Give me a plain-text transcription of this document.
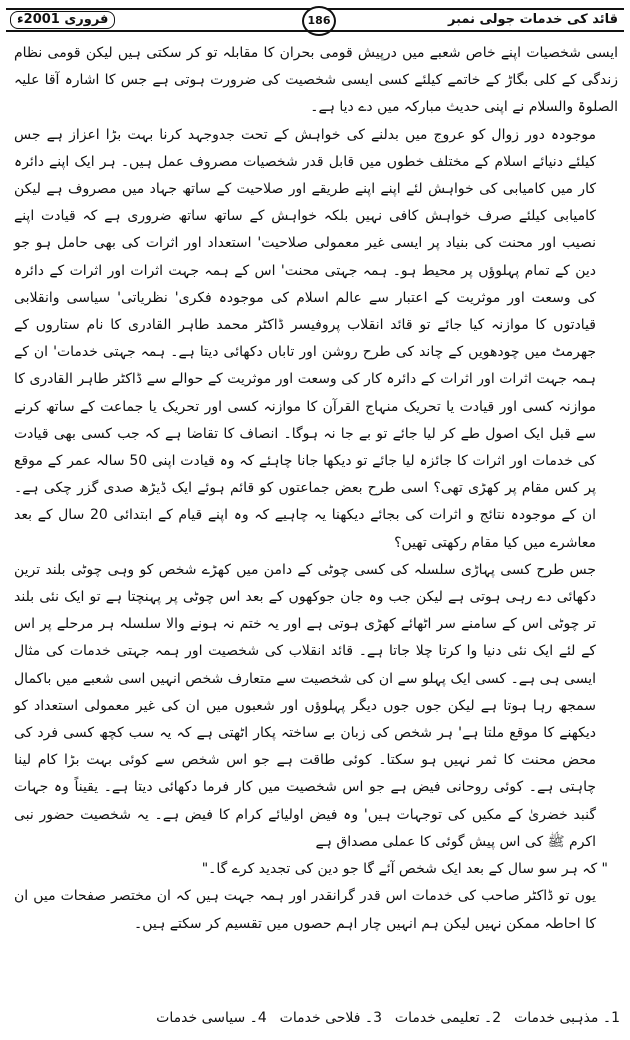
قائد کی خدمات جولی نمبر
186
فروری 2001ء

ایسی شخصیات اپنے خاص شعبے میں درپیش قومی بحران کا مقابلہ تو کر سکتی ہیں لیکن قومی نظام زندگی کے کلی بگاڑ کے خاتمے کیلئے کسی ایسی شخصیت کی ضرورت ہوتی ہے جس کا اشارہ آقا علیہ الصلوۃ والسلام نے اپنی حدیث مبارکہ میں دے دیا ہے۔

موجودہ دور زوال کو عروج میں بدلنے کی خواہش کے تحت جدوجہد کرنا بہت بڑا اعزاز ہے جس کیلئے دنیائے اسلام کے مختلف خطوں میں قابل قدر شخصیات مصروف عمل ہیں۔ ہر ایک اپنے دائرہ کار میں کامیابی کی خواہش لئے اپنے اپنے طریقے اور صلاحیت کے ساتھ جہاد میں مصروف ہے لیکن کامیابی کیلئے صرف خواہش کافی نہیں بلکہ خواہش کے ساتھ ساتھ ضروری ہے کہ قیادت اپنے نصیب اور محنت کی بنیاد پر ایسی غیر معمولی صلاحیت' استعداد اور اثرات کی بھی حامل ہو جو دین کے تمام پہلوؤں پر محیط ہو۔ ہمہ جہتی محنت' اس کے ہمہ جہت اثرات اور اثرات کے دائرہ کی وسعت اور موثریت کے اعتبار سے عالم اسلام کی موجودہ فکری' نظریاتی' سیاسی وانقلابی قیادتوں کا موازنہ کیا جائے تو قائد انقلاب پروفیسر ڈاکٹر محمد طاہر القادری کا نام ستاروں کے جھرمٹ میں چودھویں کے چاند کی طرح روشن اور تاباں دکھائی دیتا ہے۔ ہمہ جہتی خدمات' ان کے ہمہ جہت اثرات اور اثرات کے دائرہ کار کی وسعت اور موثریت کے حوالے سے ڈاکٹر طاہر القادری کا موازنہ کسی اور قیادت یا تحریک منہاج القرآن کا موازنہ کسی اور تحریک یا جماعت کے ساتھ کرنے سے قبل ایک اصول طے کر لیا جائے تو بے جا نہ ہوگا۔ انصاف کا تقاضا ہے کہ جب کسی بھی قیادت کی خدمات اور اثرات کا جائزہ لیا جائے تو دیکھا جانا چاہئے کہ وہ قیادت اپنی 50 سالہ عمر کے موقع پر کس مقام پر کھڑی تھی؟ اسی طرح بعض جماعتوں کو قائم ہوئے ایک ڈیڑھ صدی گزر چکی ہے۔ ان کے موجودہ نتائج و اثرات کی بجائے دیکھنا یہ چاہیے کہ وہ اپنے قیام کے ابتدائی 20 سال کے بعد معاشرے میں کیا مقام رکھتی تھیں؟

جس طرح کسی پہاڑی سلسلہ کی کسی چوٹی کے دامن میں کھڑے شخص کو وہی چوٹی بلند ترین دکھائی دے رہی ہوتی ہے لیکن جب وہ جان جوکھوں کے بعد اس چوٹی پر پہنچتا ہے تو ایک نئی بلند تر چوٹی اس کے سامنے سر اٹھائے کھڑی ہوتی ہے اور یہ ختم نہ ہونے والا سلسلہ ہر مرحلے پر اس کے لئے ایک نئی دنیا وا کرتا چلا جاتا ہے۔ قائد انقلاب کی شخصیت اور ہمہ جہتی خدمات کی مثال ایسی ہی ہے۔ کسی ایک پہلو سے ان کی شخصیت سے متعارف شخص انہیں اسی شعبے میں باکمال سمجھ رہا ہوتا ہے لیکن جوں جوں دیگر پہلوؤں اور شعبوں میں ان کی غیر معمولی استعداد کو دیکھنے کا موقع ملتا ہے' ہر شخص کی زبان بے ساختہ پکار اٹھتی ہے کہ یہ سب کچھ کسی فرد کی محض محنت کا ثمر نہیں ہو سکتا۔ کوئی طاقت ہے جو اس شخص سے کوئی بہت بڑا کام لینا چاہتی ہے۔ کوئی روحانی فیض ہے جو اس شخصیت میں کار فرما دکھائی دیتا ہے۔ یقیناً وہ جہات گنبد خضریٰ کے مکیں کی توجہات ہیں' وہ فیض اولیائے کرام کا فیض ہے۔ یہ شخصیت حضور نبی اکرم ﷺ کی اس پیش گوئی کا عملی مصداق ہے

" کہ ہر سو سال کے بعد ایک شخص آئے گا جو دین کی تجدید کرے گا۔"

یوں تو ڈاکٹر صاحب کی خدمات اس قدر گرانقدر اور ہمہ جہت ہیں کہ ان مختصر صفحات میں ان کا احاطہ ممکن نہیں لیکن ہم انہیں چار اہم حصوں میں تقسیم کر سکتے ہیں۔

1۔ مذہبی خدمات  2۔ تعلیمی خدمات  3۔ فلاحی خدمات  4۔ سیاسی خدمات
